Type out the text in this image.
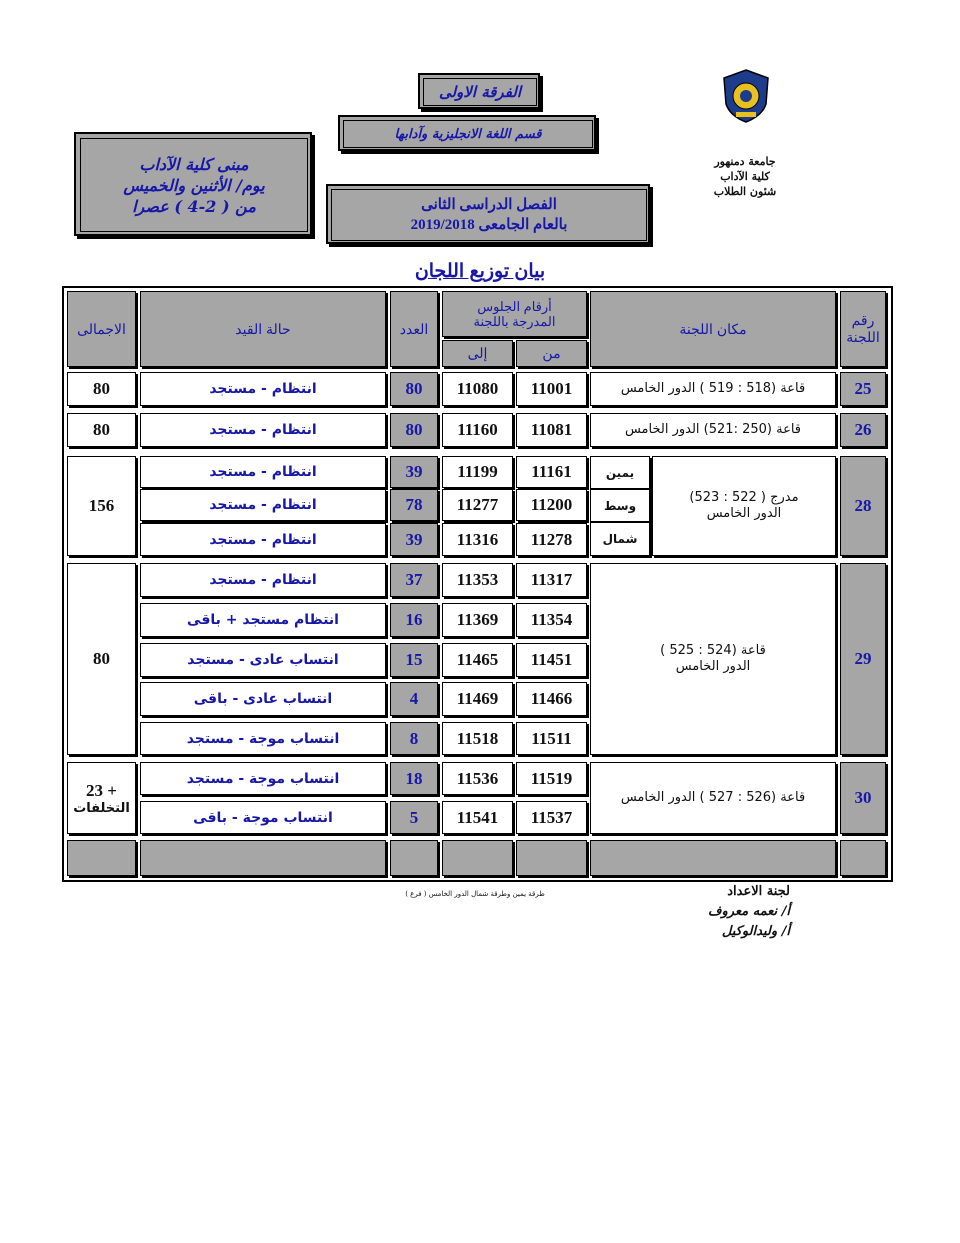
جامعة دمنهور
كلية الآداب
شئون الطلاب
الفرقة الاولى
قسم اللغة الانجليزية وآدابها
مبنى كلية الآداب
يوم/ الأثنين والخميس
من ( 2-4 ) عصرا	الفصل الدراسى الثانى
بالعام الجامعى 2019/2018
بيان توزيع اللجان
رقم
اللجنة
مكان اللجنة
أرقام الجلوس
المدرجة باللجنة
من
إلى
العدد
حالة القيد
الاجمالى
25
قاعة (518 : 519 ) الدور الخامس
11001
11080
80
انتظام - مستجد
80
26
قاعة (250 :521) الدور الخامس
11081
11160
80
انتظام - مستجد
80
28
مدرج ( 522 : 523)
الدور الخامس
يمين
وسط
شمال
11161
11199
39
انتظام - مستجد
11200
11277
78
انتظام - مستجد
11278
11316
39
انتظام - مستجد
156
29
قاعة (524 : 525 )
الدور الخامس
11317
11353
37
انتظام - مستجد
11354
11369
16
انتظام مستجد + باقى
11451
11465
15
انتساب عادى - مستجد
11466
11469
4
انتساب عادى - باقى
11511
11518
8
انتساب موجة - مستجد
80
30
قاعة (526 : 527 ) الدور الخامس
11519
11536
18
انتساب موجة - مستجد
11537
11541
5
انتساب موجة - باقى
23 +
التخلفات
طرقة يمين وطرقة شمال الدور الخامس ( فرع )	لجنة الاعداد
أ/ نعمه معروف
أ/ وليدالوكيل
